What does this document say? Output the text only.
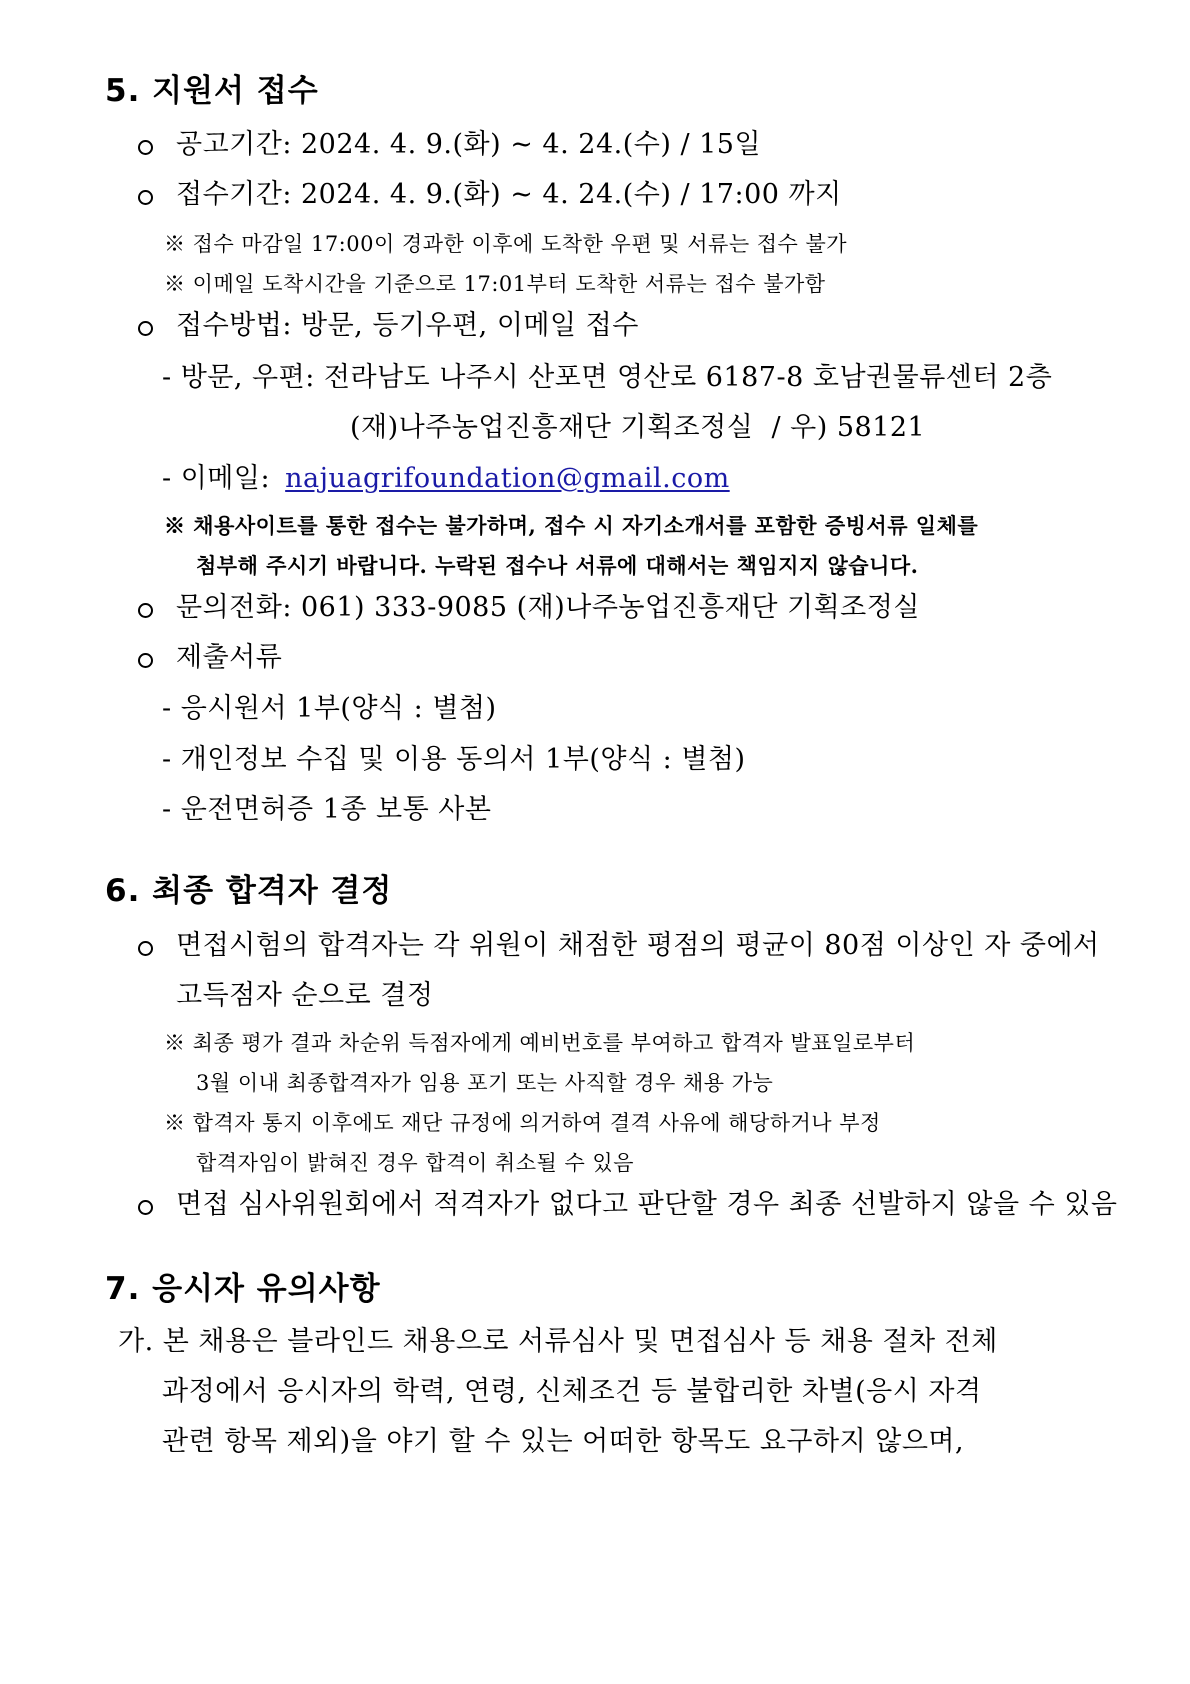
5. 지원서 접수
공고기간: 2024. 4. 9.(화) ~ 4. 24.(수) / 15일
접수기간: 2024. 4. 9.(화) ~ 4. 24.(수) / 17:00 까지
※ 접수 마감일 17:00이 경과한 이후에 도착한 우편 및 서류는 접수 불가
※ 이메일 도착시간을 기준으로 17:01부터 도착한 서류는 접수 불가함
접수방법: 방문, 등기우편, 이메일 접수
- 방문, 우편: 전라남도 나주시 산포면 영산로 6187-8 호남권물류센터 2층
(재)나주농업진흥재단 기획조정실  / 우) 58121
- 이메일: najuagrifoundation@gmail.com
※ 채용사이트를 통한 접수는 불가하며, 접수 시 자기소개서를 포함한 증빙서류 일체를
첨부해 주시기 바랍니다. 누락된 접수나 서류에 대해서는 책임지지 않습니다.
문의전화: 061) 333-9085 (재)나주농업진흥재단 기획조정실
제출서류
- 응시원서 1부(양식 : 별첨)
- 개인정보 수집 및 이용 동의서 1부(양식 : 별첨)
- 운전면허증 1종 보통 사본
6. 최종 합격자 결정
면접시험의 합격자는 각 위원이 채점한 평점의 평균이 80점 이상인 자 중에서
고득점자 순으로 결정
※ 최종 평가 결과 차순위 득점자에게 예비번호를 부여하고 합격자 발표일로부터
3월 이내 최종합격자가 임용 포기 또는 사직할 경우 채용 가능
※ 합격자 통지 이후에도 재단 규정에 의거하여 결격 사유에 해당하거나 부정
합격자임이 밝혀진 경우 합격이 취소될 수 있음
면접 심사위원회에서 적격자가 없다고 판단할 경우 최종 선발하지 않을 수 있음
7. 응시자 유의사항
가. 본 채용은 블라인드 채용으로 서류심사 및 면접심사 등 채용 절차 전체
과정에서 응시자의 학력, 연령, 신체조건 등 불합리한 차별(응시 자격
관련 항목 제외)을 야기 할 수 있는 어떠한 항목도 요구하지 않으며,
